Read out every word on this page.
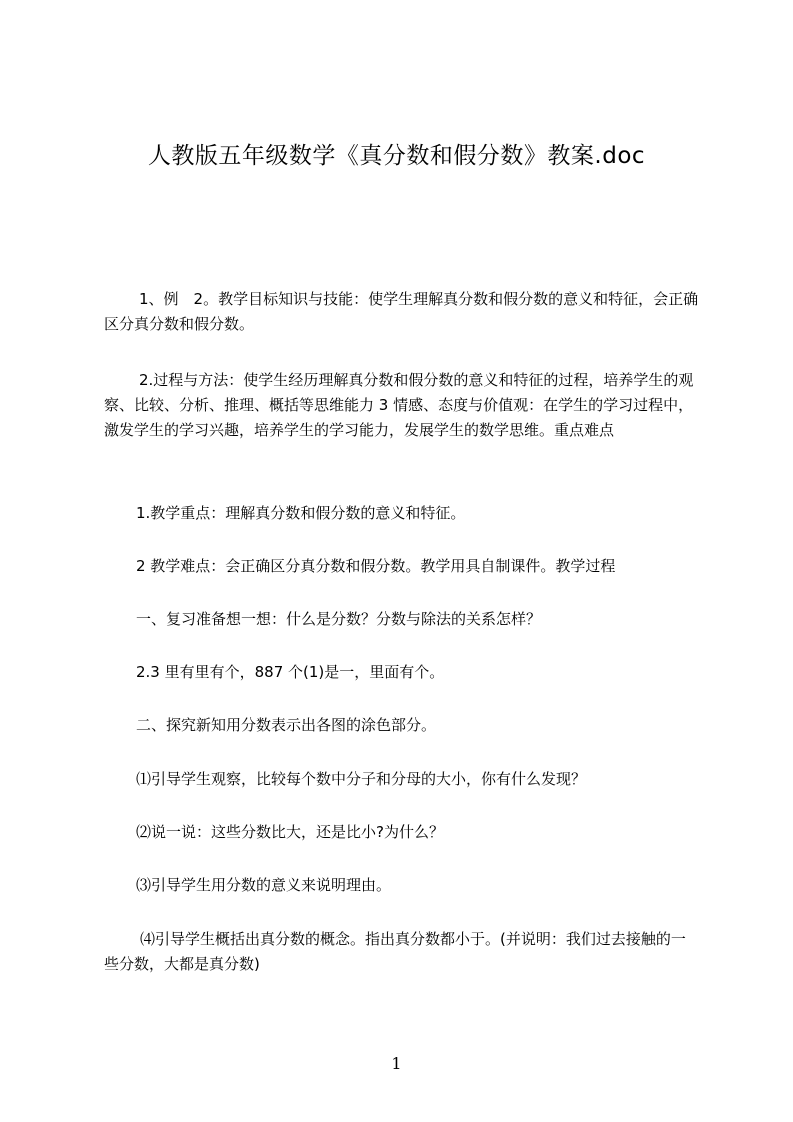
人教版五年级数学《真分数和假分数》教案.doc

1、例　2。教学目标知识与技能：使学生理解真分数和假分数的意义和特征，会正确区分真分数和假分数。

2.过程与方法：使学生经历理解真分数和假分数的意义和特征的过程，培养学生的观察、比较、分析、推理、概括等思维能力 3 情感、态度与价值观：在学生的学习过程中，激发学生的学习兴趣，培养学生的学习能力，发展学生的数学思维。重点难点

1.教学重点：理解真分数和假分数的意义和特征。

2 教学难点：会正确区分真分数和假分数。教学用具自制课件。教学过程

一、复习准备想一想：什么是分数？分数与除法的关系怎样？

2.3 里有里有个，887 个(1)是一，里面有个。

二、探究新知用分数表示出各图的涂色部分。

⑴引导学生观察，比较每个数中分子和分母的大小，你有什么发现？

⑵说一说：这些分数比大，还是比小?为什么？

⑶引导学生用分数的意义来说明理由。

⑷引导学生概括出真分数的概念。指出真分数都小于。(并说明：我们过去接触的一些分数，大都是真分数)

1
